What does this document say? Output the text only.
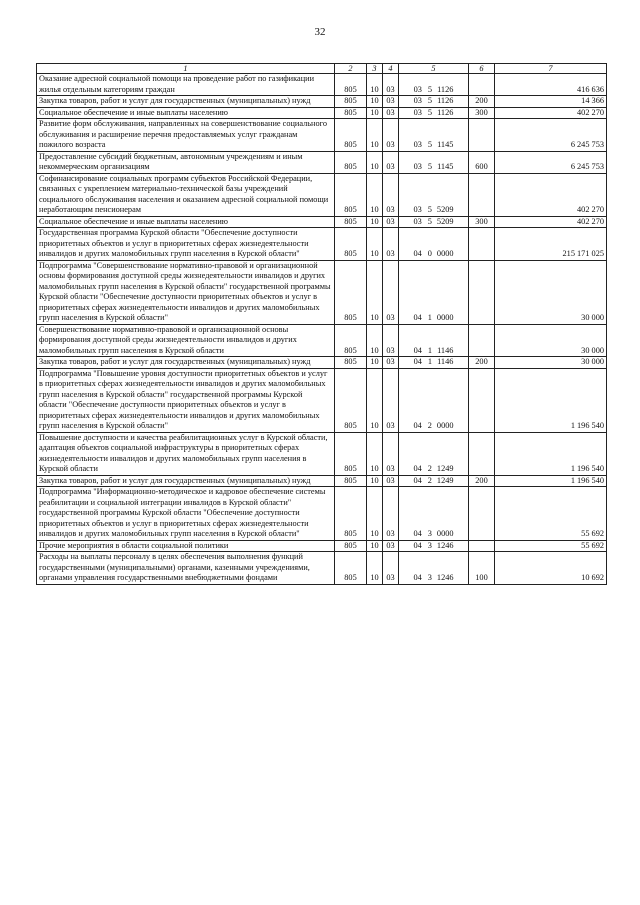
32
1	2	3	4	5	6	7
Оказание адресной социальной помощи на проведение работ по газификации жилья отдельным категориям граждан	805	10	03	03 5 1126		416 636
Закупка товаров, работ и услуг для государственных (муниципальных) нужд	805	10	03	03 5 1126	200	14 366
Социальное обеспечение и иные выплаты населению	805	10	03	03 5 1126	300	402 270
Развитие форм обслуживания, направленных на совершенствование социального обслуживания и расширение перечня предоставляемых услуг гражданам пожилого возраста	805	10	03	03 5 1145		6 245 753
Предоставление субсидий бюджетным, автономным учреждениям и иным некоммерческим организациям	805	10	03	03 5 1145	600	6 245 753
Софинансирование социальных программ субъектов Российской Федерации, связанных с укреплением материально-технической базы учреждений социального обслуживания населения и оказанием адресной социальной помощи неработающим пенсионерам	805	10	03	03 5 5209		402 270
Социальное обеспечение и иные выплаты населению	805	10	03	03 5 5209	300	402 270
Государственная программа Курской области "Обеспечение доступности приоритетных объектов и услуг в приоритетных сферах жизнедеятельности инвалидов и других маломобильных групп населения в Курской области"	805	10	03	04 0 0000		215 171 025
Подпрограмма "Совершенствование нормативно-правовой и организационной основы формирования доступной среды жизнедеятельности инвалидов и других маломобильных групп населения в Курской области" государственной программы Курской области "Обеспечение доступности приоритетных объектов и услуг в приоритетных сферах жизнедеятельности инвалидов и других маломобильных групп населения в Курской области"	805	10	03	04 1 0000		30 000
Совершенствование нормативно-правовой и организационной основы формирования доступной среды жизнедеятельности инвалидов и других маломобильных групп населения в Курской области	805	10	03	04 1 1146		30 000
Закупка товаров, работ и услуг для государственных (муниципальных) нужд	805	10	03	04 1 1146	200	30 000
Подпрограмма "Повышение уровня доступности приоритетных объектов и услуг в приоритетных сферах жизнедеятельности инвалидов и других маломобильных групп населения в Курской области" государственной программы Курской области "Обеспечение доступности приоритетных объектов и услуг в приоритетных сферах жизнедеятельности инвалидов и других маломобильных групп населения в Курской области"	805	10	03	04 2 0000		1 196 540
Повышение доступности и качества реабилитационных услуг в Курской области, адаптация объектов социальной инфраструктуры в приоритетных сферах жизнедеятельности инвалидов и других маломобильных групп населения в Курской области	805	10	03	04 2 1249		1 196 540
Закупка товаров, работ и услуг для государственных (муниципальных) нужд	805	10	03	04 2 1249	200	1 196 540
Подпрограмма "Информационно-методическое и кадровое обеспечение системы реабилитации и социальной интеграции инвалидов в Курской области" государственной программы Курской области "Обеспечение доступности приоритетных объектов и услуг в приоритетных сферах жизнедеятельности инвалидов и других маломобильных групп населения в Курской области"	805	10	03	04 3 0000		55 692
Прочие мероприятия в области социальной политики	805	10	03	04 3 1246		55 692
Расходы на выплаты персоналу в целях обеспечения выполнения функций государственными (муниципальными) органами, казенными учреждениями, органами управления государственными внебюджетными фондами	805	10	03	04 3 1246	100	10 692
